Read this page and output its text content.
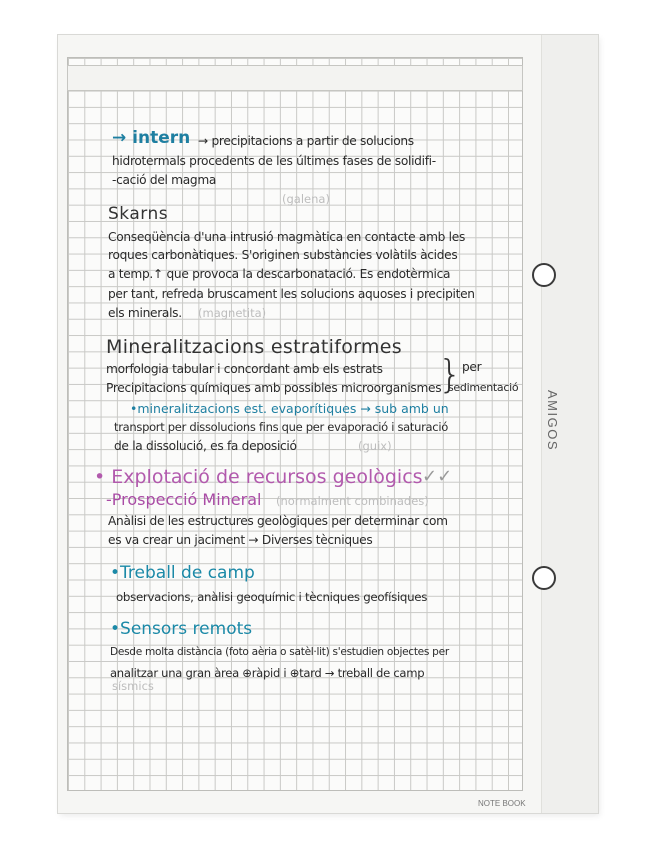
AMIGOS
NOTE BOOK
→ intern → precipitacions a partir de solucions
hidrotermals procedents de les últimes fases de solidifi-
-cació del magma
(galena)
Skarns
Conseqüència d'una intrusió magmàtica en contacte amb les
roques carbonàtiques. S'originen substàncies volàtils àcides
a temp.↑ que provoca la descarbonatació. Es endotèrmica
per tant, refreda bruscament les solucions aquoses i precipiten
els minerals. (magnetita)
Mineralitzacions estratiformes
morfologia tabular i concordant amb els estrats
Precipitacions químiques amb possibles microorganismes
} per
sedimentació
•mineralitzacions est. evaporítiques → sub amb un
transport per dissolucions fins que per evaporació i saturació
de la dissolució, es fa deposició	(guix)
• Explotació de recursos geològics ✓✓
-Prospecció Mineral (normalment combinades)
Anàlisi de les estructures geològiques per determinar com
es va crear un jaciment → Diverses tècniques
•Treball de camp
observacions, anàlisi geoquímic i tècniques geofísiques
•Sensors remots
Desde molta distància (foto aèria o satèl·lit) s'estudien objectes per
analitzar una gran àrea ⊕ràpid i ⊕tard → treball de camp
sísmics
